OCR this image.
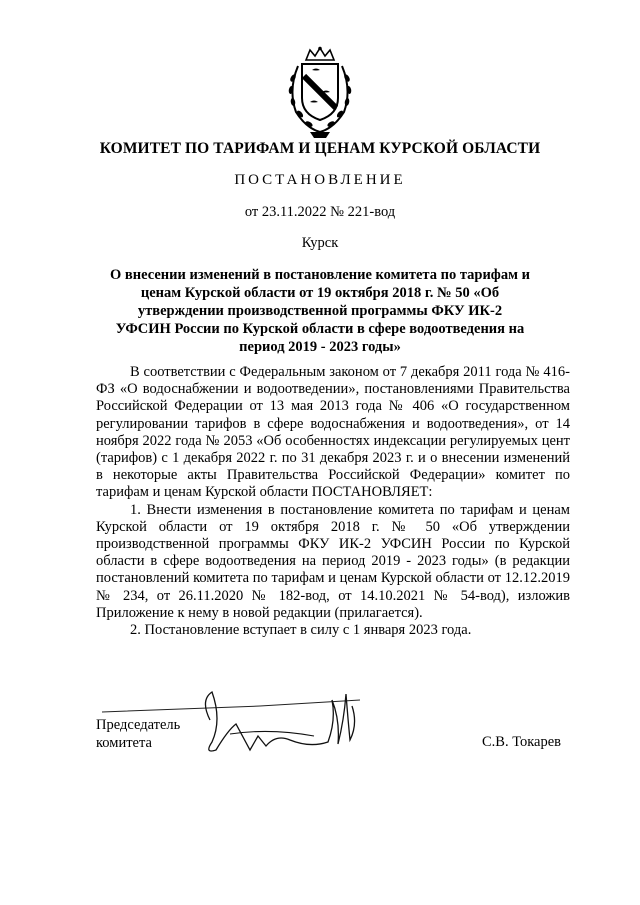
КОМИТЕТ ПО ТАРИФАМ И ЦЕНАМ КУРСКОЙ ОБЛАСТИ
ПОСТАНОВЛЕНИЕ
от 23.11.2022 № 221-вод
Курск
О внесении изменений в постановление комитета по тарифам и ценам Курской области от 19 октября 2018 г. № 50 «Об утверждении производственной программы ФКУ ИК-2 УФСИН России по Курской области в сфере водоотведения на период 2019 - 2023 годы»

В соответствии с Федеральным законом от 7 декабря 2011 года № 416-ФЗ «О водоснабжении и водоотведении», постановлениями Правительства Российской Федерации от 13 мая 2013 года № 406 «О государственном регулировании тарифов в сфере водоснабжения и водоотведения», от 14 ноября 2022 года № 2053 «Об особенностях индексации регулируемых цент (тарифов) с 1 декабря 2022 г. по 31 декабря 2023 г. и о внесении изменений в некоторые акты Правительства Российской Федерации» комитет по тарифам и ценам Курской области ПОСТАНОВЛЯЕТ:

1. Внести изменения в постановление комитета по тарифам и ценам Курской области от 19 октября 2018 г. № 50 «Об утверждении производственной программы ФКУ ИК-2 УФСИН России по Курской области в сфере водоотведения на период 2019 - 2023 годы» (в редакции постановлений комитета по тарифам и ценам Курской области от 12.12.2019 № 234, от 26.11.2020 № 182-вод, от 14.10.2021 № 54-вод), изложив Приложение к нему в новой редакции (прилагается).

2. Постановление вступает в силу с 1 января 2023 года.

Председатель
комитета	С.В. Токарев
